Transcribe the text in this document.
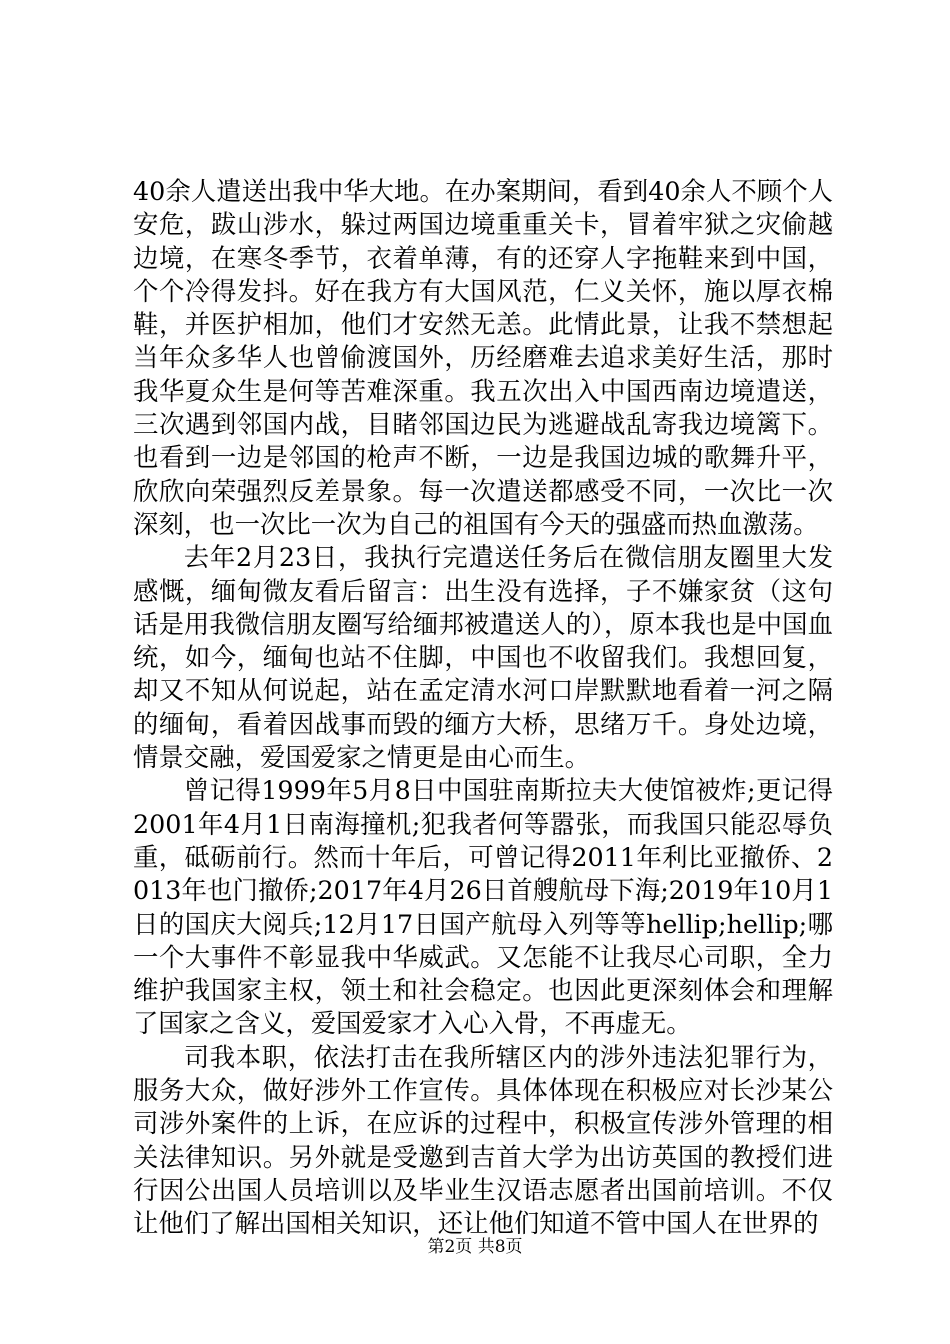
40余人遣送出我中华大地。在办案期间，看到40余人不顾个人安危，跋山涉水，躲过两国边境重重关卡，冒着牢狱之灾偷越边境，在寒冬季节，衣着单薄，有的还穿人字拖鞋来到中国，个个冷得发抖。好在我方有大国风范，仁义关怀，施以厚衣棉鞋，并医护相加，他们才安然无恙。此情此景，让我不禁想起当年众多华人也曾偷渡国外，历经磨难去追求美好生活，那时我华夏众生是何等苦难深重。我五次出入中国西南边境遣送，三次遇到邻国内战，目睹邻国边民为逃避战乱寄我边境篱下。也看到一边是邻国的枪声不断，一边是我国边城的歌舞升平，欣欣向荣强烈反差景象。每一次遣送都感受不同，一次比一次深刻，也一次比一次为自己的祖国有今天的强盛而热血激荡。

去年2月23日，我执行完遣送任务后在微信朋友圈里大发感慨，缅甸微友看后留言：出生没有选择，子不嫌家贫（这句话是用我微信朋友圈写给缅邦被遣送人的），原本我也是中国血统，如今，缅甸也站不住脚，中国也不收留我们。我想回复，却又不知从何说起，站在孟定清水河口岸默默地看着一河之隔的缅甸，看着因战事而毁的缅方大桥，思绪万千。身处边境，情景交融，爱国爱家之情更是由心而生。

曾记得1999年5月8日中国驻南斯拉夫大使馆被炸;更记得2001年4月1日南海撞机;犯我者何等嚣张，而我国只能忍辱负重，砥砺前行。然而十年后，可曾记得2011年利比亚撤侨、2013年也门撤侨;2017年4月26日首艘航母下海;2019年10月1日的国庆大阅兵;12月17日国产航母入列等等hellip;hellip;哪一个大事件不彰显我中华威武。又怎能不让我尽心司职，全力维护我国家主权，领土和社会稳定。也因此更深刻体会和理解了国家之含义，爱国爱家才入心入骨，不再虚无。

司我本职，依法打击在我所辖区内的涉外违法犯罪行为，服务大众，做好涉外工作宣传。具体体现在积极应对长沙某公司涉外案件的上诉，在应诉的过程中，积极宣传涉外管理的相关法律知识。另外就是受邀到吉首大学为出访英国的教授们进行因公出国人员培训以及毕业生汉语志愿者出国前培训。不仅让他们了解出国相关知识，还让他们知道不管中国人在世界的

第2页 共8页
